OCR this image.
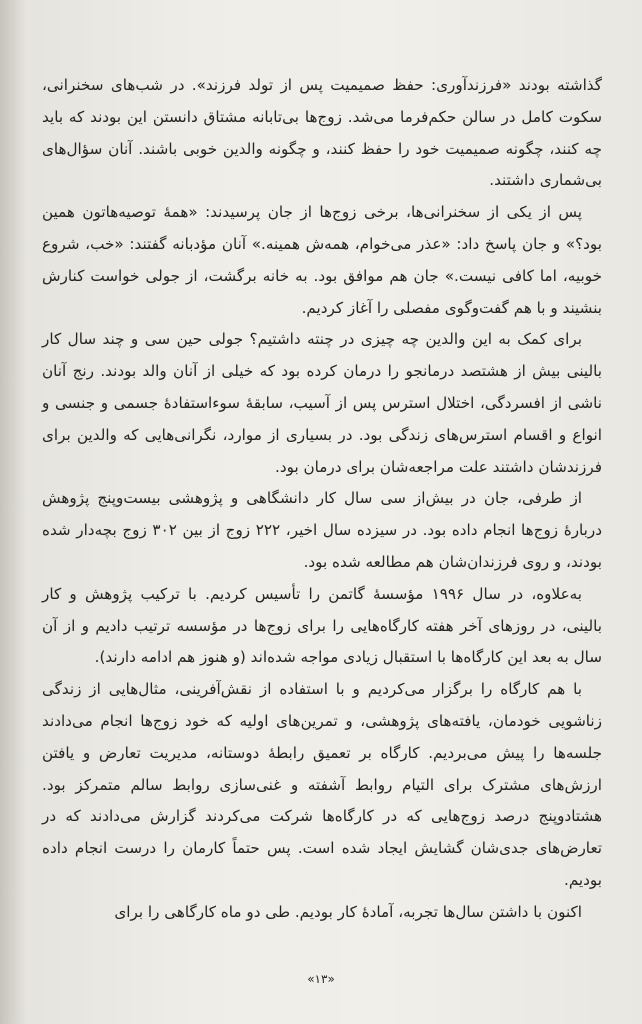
گذاشته بودند «فرزندآوری: حفظ صمیمیت پس از تولد فرزند». در شب‌های سخنرانی، سکوت کامل در سالن حکم‌فرما می‌شد. زوج‌ها بی‌تابانه مشتاق دانستن این بودند که باید چه کنند، چگونه صمیمیت خود را حفظ کنند، و چگونه والدین خوبی باشند. آنان سؤال‌های بی‌شماری داشتند.

پس از یکی از سخنرانی‌ها، برخی زوج‌ها از جان پرسیدند: «همهٔ توصیه‌هاتون همین بود؟» و جان پاسخ داد: «عذر می‌خوام، همه‌ش همینه.» آنان مؤدبانه گفتند: «خب، شروع خوبیه، اما کافی نیست.» جان هم موافق بود. به خانه برگشت، از جولی خواست کنارش بنشیند و با هم گفت‌وگوی مفصلی را آغاز کردیم.

برای کمک به این والدین چه چیزی در چنته داشتیم؟ جولی حین سی و چند سال کار بالینی بیش از هشتصد درمانجو را درمان کرده بود که خیلی از آنان والد بودند. رنج آنان ناشی از افسردگی، اختلال استرس پس از آسیب، سابقهٔ سوءاستفادهٔ جسمی و جنسی و انواع و اقسام استرس‌های زندگی بود. در بسیاری از موارد، نگرانی‌هایی که والدین برای فرزندشان داشتند علت مراجعه‌شان برای درمان بود.

از طرفی، جان در بیش‌از سی سال کار دانشگاهی و پژوهشی بیست‌وپنج پژوهش دربارهٔ زوج‌ها انجام داده بود. در سیزده سال اخیر، ۲۲۲ زوج از بین ۳۰۲ زوج بچه‌دار شده بودند، و روی فرزندان‌شان هم مطالعه شده بود.

به‌علاوه، در سال ۱۹۹۶ مؤسسهٔ گاتمن را تأسیس کردیم. با ترکیب پژوهش و کار بالینی، در روزهای آخر هفته کارگاه‌هایی را برای زوج‌ها در مؤسسه ترتیب دادیم و از آن سال به بعد این کارگاه‌ها با استقبال زیادی مواجه شده‌اند (و هنوز هم ادامه دارند).

با هم کارگاه را برگزار می‌کردیم و با استفاده از نقش‌آفرینی، مثال‌هایی از زندگی زناشویی خودمان، یافته‌های پژوهشی، و تمرین‌های اولیه که خود زوج‌ها انجام می‌دادند جلسه‌ها را پیش می‌بردیم. کارگاه بر تعمیق رابطهٔ دوستانه، مدیریت تعارض و یافتن ارزش‌های مشترک برای التیام روابط آشفته و غنی‌سازی روابط سالم متمرکز بود. هشتادوپنج درصد زوج‌هایی که در کارگاه‌ها شرکت می‌کردند گزارش می‌دادند که در تعارض‌های جدی‌شان گشایش ایجاد شده است. پس حتماً کارمان را درست انجام داده بودیم.

اکنون با داشتن سال‌ها تجربه، آمادهٔ کار بودیم. طی دو ماه کارگاهی را برای

«۱۳»
